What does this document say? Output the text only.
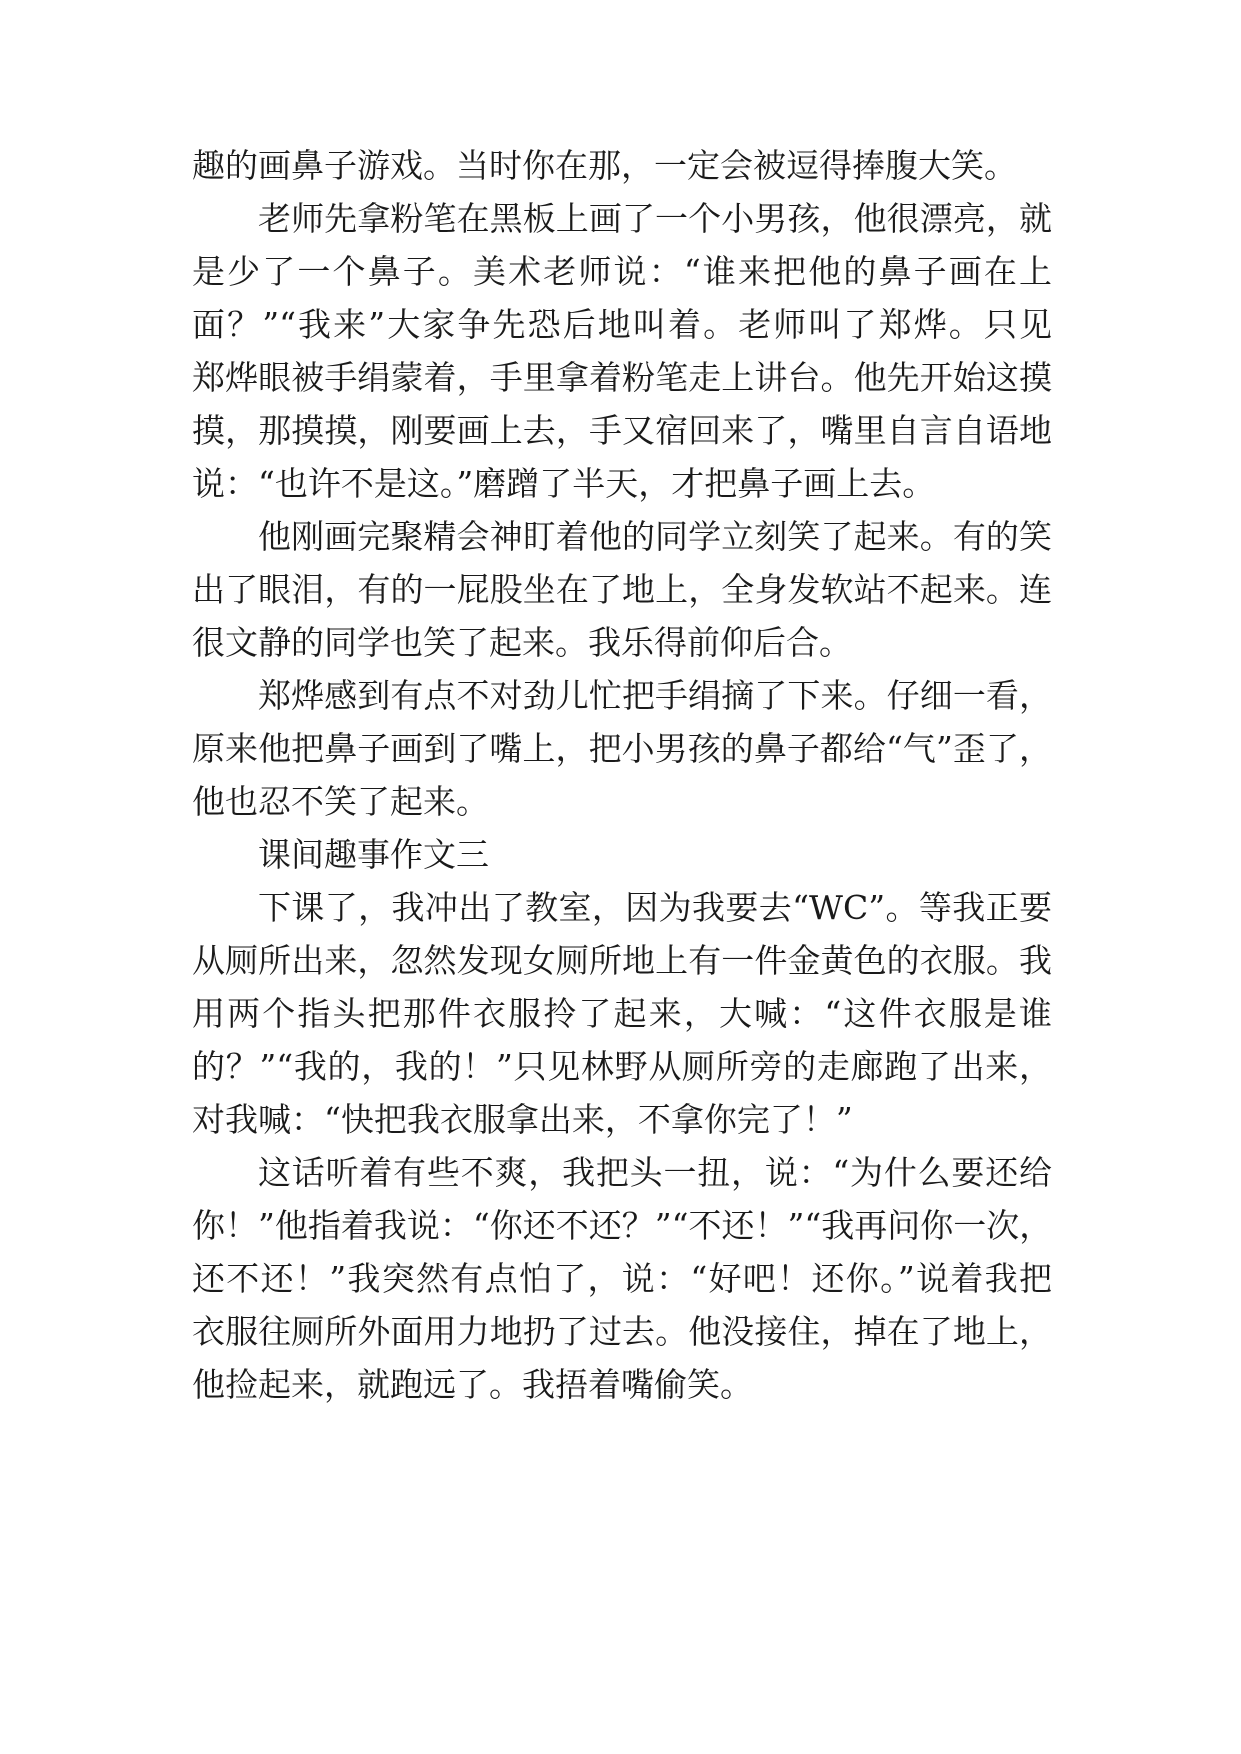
趣的画鼻子游戏。当时你在那，一定会被逗得捧腹大笑。
老师先拿粉笔在黑板上画了一个小男孩，他很漂亮，就
是少了一个鼻子。美术老师说：“谁来把他的鼻子画在上
面？”“我来”大家争先恐后地叫着。老师叫了郑烨。只见
郑烨眼被手绢蒙着，手里拿着粉笔走上讲台。他先开始这摸
摸，那摸摸，刚要画上去，手又宿回来了，嘴里自言自语地
说：“也许不是这。”磨蹭了半天，才把鼻子画上去。
他刚画完聚精会神盯着他的同学立刻笑了起来。有的笑
出了眼泪，有的一屁股坐在了地上，全身发软站不起来。连
很文静的同学也笑了起来。我乐得前仰后合。
郑烨感到有点不对劲儿忙把手绢摘了下来。仔细一看，
原来他把鼻子画到了嘴上，把小男孩的鼻子都给“气”歪了，
他也忍不笑了起来。
课间趣事作文三
下课了，我冲出了教室，因为我要去“WC”。等我正要
从厕所出来，忽然发现女厕所地上有一件金黄色的衣服。我
用两个指头把那件衣服拎了起来，大喊：“这件衣服是谁
的？”“我的，我的！”只见林野从厕所旁的走廊跑了出来，
对我喊：“快把我衣服拿出来，不拿你完了！”
这话听着有些不爽，我把头一扭，说：“为什么要还给
你！”他指着我说：“你还不还？”“不还！”“我再问你一次，
还不还！”我突然有点怕了，说：“好吧！还你。”说着我把
衣服往厕所外面用力地扔了过去。他没接住，掉在了地上，
他捡起来，就跑远了。我捂着嘴偷笑。
